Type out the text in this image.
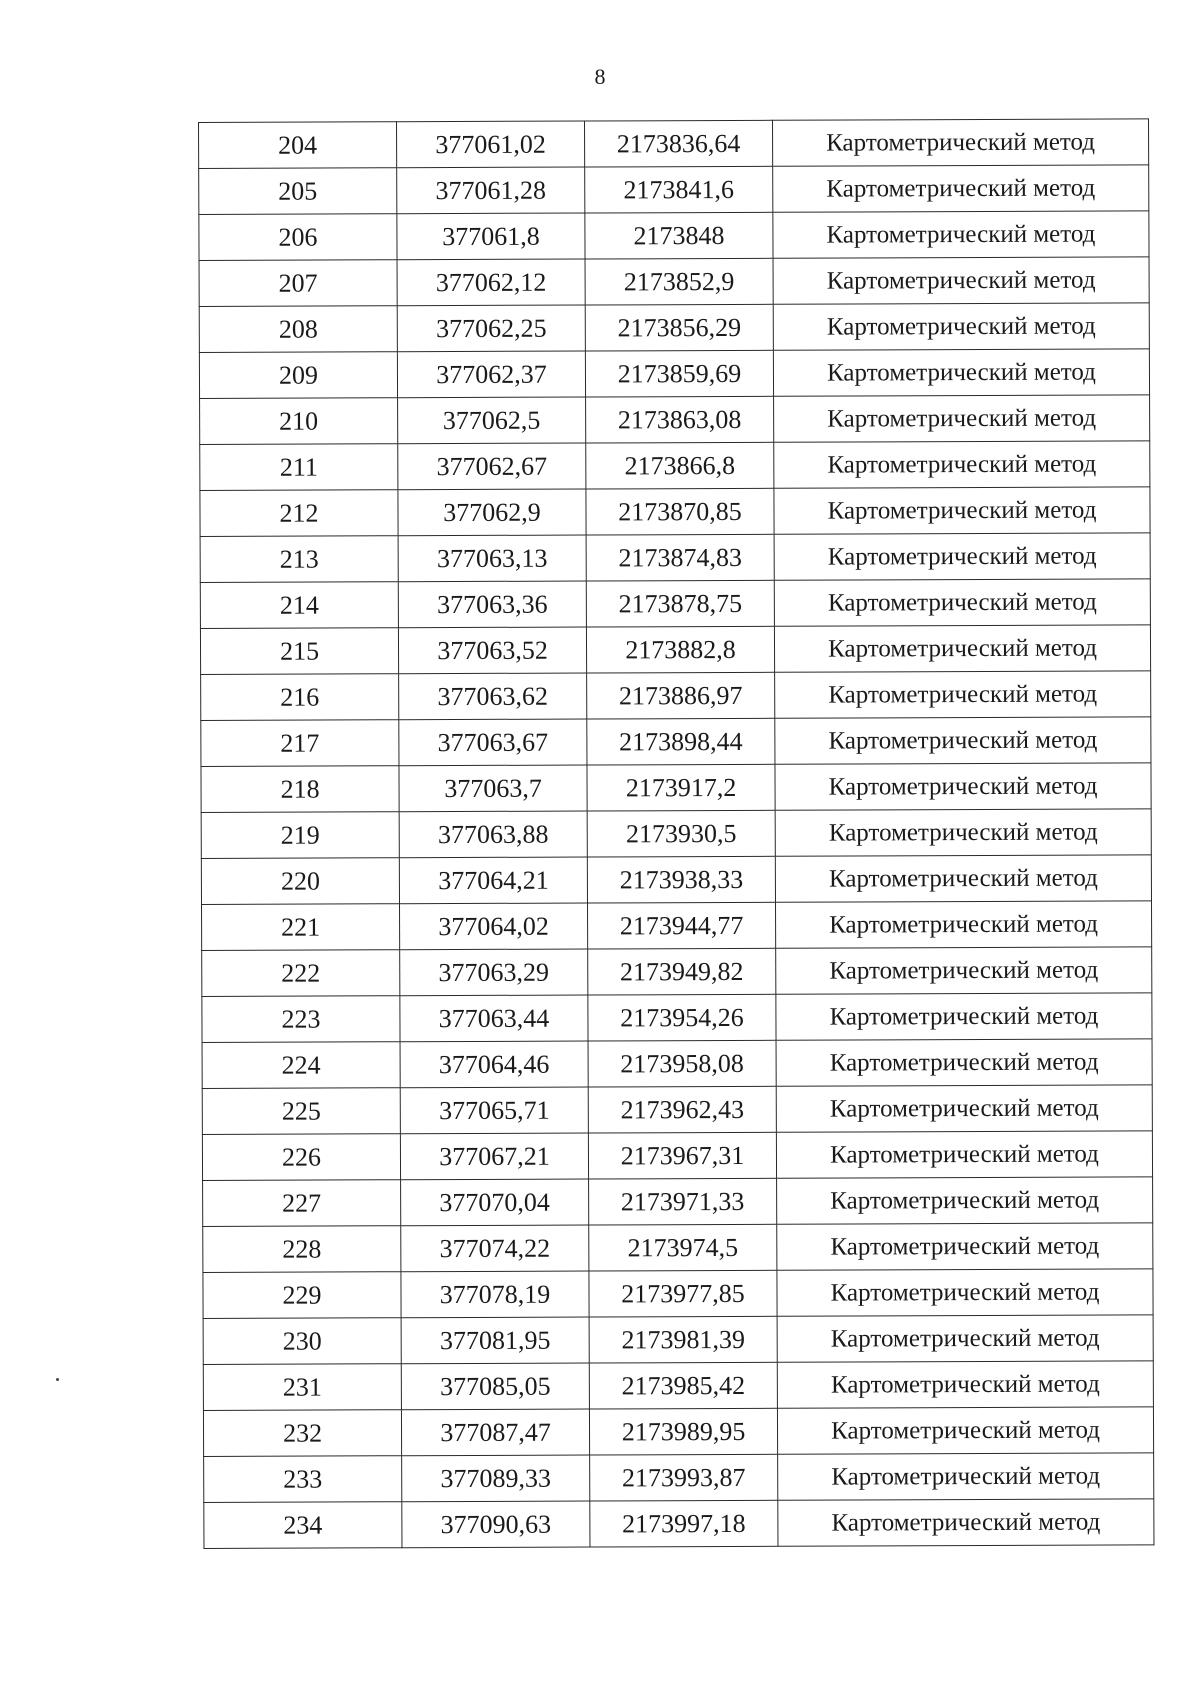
8
204	377061,02	2173836,64	Картометрический метод
205	377061,28	2173841,6	Картометрический метод
206	377061,8	2173848	Картометрический метод
207	377062,12	2173852,9	Картометрический метод
208	377062,25	2173856,29	Картометрический метод
209	377062,37	2173859,69	Картометрический метод
210	377062,5	2173863,08	Картометрический метод
211	377062,67	2173866,8	Картометрический метод
212	377062,9	2173870,85	Картометрический метод
213	377063,13	2173874,83	Картометрический метод
214	377063,36	2173878,75	Картометрический метод
215	377063,52	2173882,8	Картометрический метод
216	377063,62	2173886,97	Картометрический метод
217	377063,67	2173898,44	Картометрический метод
218	377063,7	2173917,2	Картометрический метод
219	377063,88	2173930,5	Картометрический метод
220	377064,21	2173938,33	Картометрический метод
221	377064,02	2173944,77	Картометрический метод
222	377063,29	2173949,82	Картометрический метод
223	377063,44	2173954,26	Картометрический метод
224	377064,46	2173958,08	Картометрический метод
225	377065,71	2173962,43	Картометрический метод
226	377067,21	2173967,31	Картометрический метод
227	377070,04	2173971,33	Картометрический метод
228	377074,22	2173974,5	Картометрический метод
229	377078,19	2173977,85	Картометрический метод
230	377081,95	2173981,39	Картометрический метод
231	377085,05	2173985,42	Картометрический метод
232	377087,47	2173989,95	Картометрический метод
233	377089,33	2173993,87	Картометрический метод
234	377090,63	2173997,18	Картометрический метод
